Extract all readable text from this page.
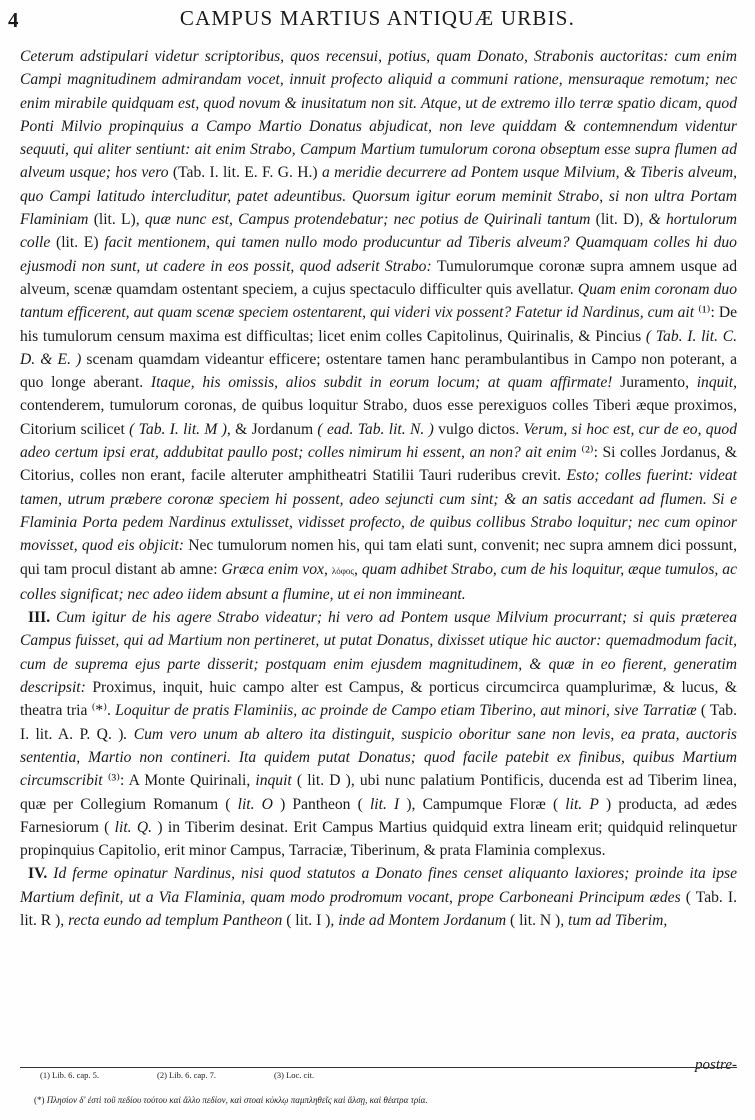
4	CAMPUS MARTIUS ANTIQUÆ URBIS.

Ceterum adstipulari videtur scriptoribus, quos recensui, potius, quam Donato, Strabonis auctoritas: cum enim Campi magnitudinem admirandam vocet, innuit profecto aliquid a communi ratione, mensuraque remotum; nec enim mirabile quidquam est, quod novum & inusitatum non sit. Atque, ut de extremo illo terræ spatio dicam, quod Ponti Milvio propinquius a Campo Martio Donatus abjudicat, non leve quiddam & contemnendum videntur sequuti, qui aliter sentiunt: ait enim Strabo, Campum Martium tumulorum corona obseptum esse supra flumen ad alveum usque; hos vero (Tab. I. lit. E. F. G. H.) a meridie decurrere ad Pontem usque Milvium, & Tiberis alveum, quo Campi latitudo intercluditur, patet adeuntibus. Quorsum igitur eorum meminit Strabo, si non ultra Portam Flaminiam (lit. L), quæ nunc est, Campus protendebatur; nec potius de Quirinali tantum (lit. D), & hortulorum colle (lit. E) facit mentionem, qui tamen nullo modo producuntur ad Tiberis alveum? Quamquam colles hi duo ejusmodi non sunt, ut cadere in eos possit, quod adserit Strabo: Tumulorumque coronæ supra amnem usque ad alveum, scenæ quamdam ostentant speciem, a cujus spectaculo difficulter quis avellatur. Quam enim coronam duo tantum efficerent, aut quam scenæ speciem ostentarent, qui videri vix possent? Fatetur id Nardinus, cum ait ⁽¹⁾: De his tumulorum censum maxima est difficultas; licet enim colles Capitolinus, Quirinalis, & Pincius ( Tab. I. lit. C. D. & E. ) scenam quamdam videantur efficere; ostentare tamen hanc perambulantibus in Campo non poterant, a quo longe aberant. Itaque, his omissis, alios subdit in eorum locum; at quam affirmate! Juramento, inquit, contenderem, tumulorum coronas, de quibus loquitur Strabo, duos esse perexiguos colles Tiberi æque proximos, Citorium scilicet ( Tab. I. lit. M ), & Jordanum ( ead. Tab. lit. N. ) vulgo dictos. Verum, si hoc est, cur de eo, quod adeo certum ipsi erat, addubitat paullo post; colles nimirum hi essent, an non? ait enim ⁽²⁾: Si colles Jordanus, & Citorius, colles non erant, facile alteruter amphitheatri Statilii Tauri ruderibus crevit. Esto; colles fuerint: videat tamen, utrum præbere coronæ speciem hi possent, adeo sejuncti cum sint; & an satis accedant ad flumen. Si e Flaminia Porta pedem Nardinus extulisset, vidisset profecto, de quibus collibus Strabo loquitur; nec cum opinor movisset, quod eis objicit: Nec tumulorum nomen his, qui tam elati sunt, convenit; nec supra amnem dici possunt, qui tam procul distant ab amne: Græca enim vox, λόφος, quam adhibet Strabo, cum de his loquitur, æque tumulos, ac colles significat; nec adeo iidem absunt a flumine, ut ei non immineant.

III. Cum igitur de his agere Strabo videatur; hi vero ad Pontem usque Milvium procurrant; si quis præterea Campus fuisset, qui ad Martium non pertineret, ut putat Donatus, dixisset utique hic auctor: quemadmodum facit, cum de suprema ejus parte disserit; postquam enim ejusdem magnitudinem, & quæ in eo fierent, generatim descripsit: Proximus, inquit, huic campo alter est Campus, & porticus circumcirca quamplurimæ, & lucus, & theatra tria ⁽*⁾. Loquitur de pratis Flaminiis, ac proinde de Campo etiam Tiberino, aut minori, sive Tarratiæ ( Tab. I. lit. A. P. Q. ). Cum vero unum ab altero ita distinguit, suspicio oboritur sane non levis, ea prata, auctoris sententia, Martio non contineri. Ita quidem putat Donatus; quod facile patebit ex finibus, quibus Martium circumscribit ⁽³⁾: A Monte Quirinali, inquit ( lit. D ), ubi nunc palatium Pontificis, ducenda est ad Tiberim linea, quæ per Collegium Romanum ( lit. O ) Pantheon ( lit. I ), Campumque Floræ ( lit. P ) producta, ad ædes Farnesiorum ( lit. Q. ) in Tiberim desinat. Erit Campus Martius quidquid extra lineam erit; quidquid relinquetur propinquius Capitolio, erit minor Campus, Tarraciæ, Tiberinum, & prata Flaminia complexus.

IV. Id ferme opinatur Nardinus, nisi quod statutos a Donato fines censet aliquanto laxiores; proinde ita ipse Martium definit, ut a Via Flaminia, quam modo prodromum vocant, prope Carboneani Principum ædes ( Tab. I. lit. R ), recta eundo ad templum Pantheon ( lit. I ), inde ad Montem Jordanum ( lit. N ), tum ad Tiberim,

postre-
(1) Lib. 6. cap. 5.	(2) Lib. 6. cap. 7.	(3) Loc. cit.
(*) Πλησίον δ' ἐστὶ τοῦ πεδίου τούτου καὶ ἄλλο πεδίον, καὶ στοαὶ κύκλῳ παμπληθεῖς καὶ ἄλσῃ, καὶ θέατρα τρία.
